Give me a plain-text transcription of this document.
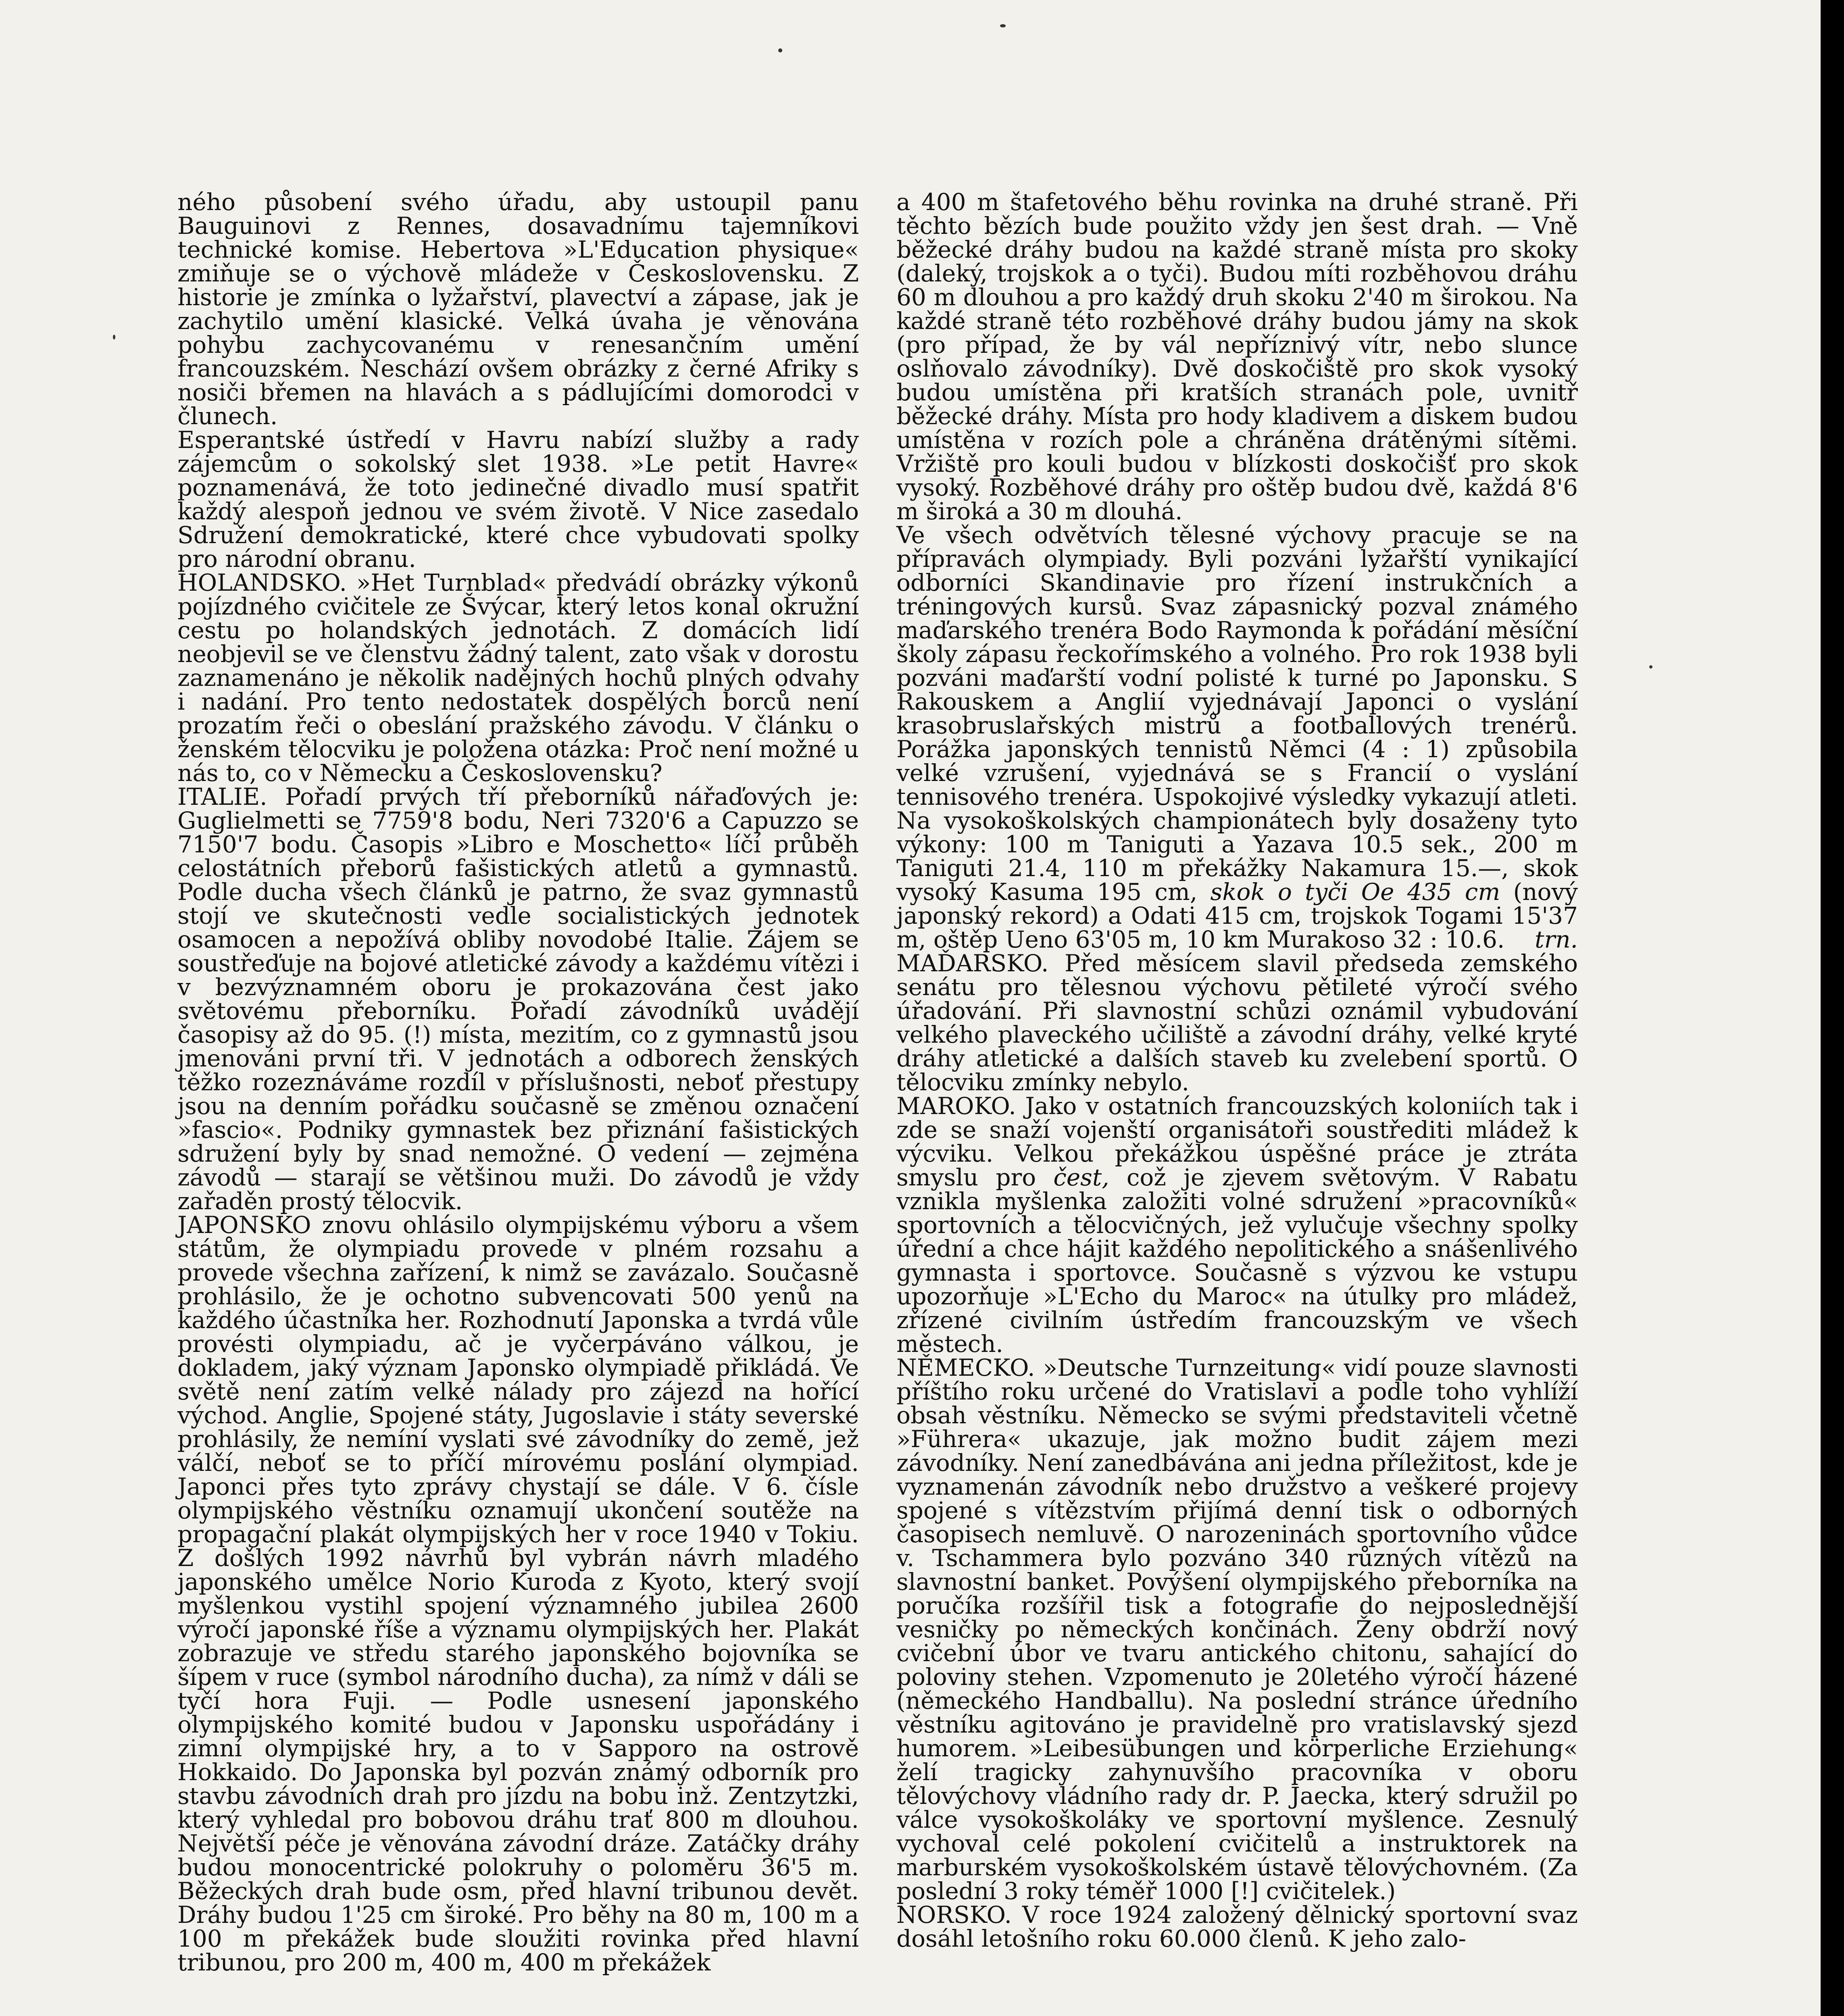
ného působení svého úřadu, aby ustoupil panu Bauguinovi z Rennes, dosavadnímu tajemníkovi technické komise. Hebertova »L'Education physique« zmiňuje se o výchově mládeže v Československu. Z historie je zmínka o lyžařství, plavectví a zápase, jak je zachytilo umění klasické. Velká úvaha je věnována pohybu zachycovanému v renesančním umění francouzském. Neschází ovšem obrázky z černé Afriky s nosiči břemen na hlavách a s pádlujícími domorodci v člunech.

Esperantské ústředí v Havru nabízí služby a rady zájemcům o sokolský slet 1938. »Le petit Havre« poznamenává, že toto jedinečné divadlo musí spatřit každý alespoň jednou ve svém životě. V Nice zasedalo Sdružení demokratické, které chce vybudovati spolky pro národní obranu.

HOLANDSKO. »Het Turnblad« předvádí obrázky výkonů pojízdného cvičitele ze Švýcar, který letos konal okružní cestu po holandských jednotách. Z domácích lidí neobjevil se ve členstvu žádný talent, zato však v dorostu zaznamenáno je několik nadějných hochů plných odvahy i nadání. Pro tento nedostatek dospělých borců není prozatím řeči o obeslání pražského závodu. V článku o ženském tělocviku je položena otázka: Proč není možné u nás to, co v Německu a Československu?

ITALIE. Pořadí prvých tří přeborníků nářaďových je: Guglielmetti se 7759'8 bodu, Neri 7320'6 a Capuzzo se 7150'7 bodu. Časopis »Libro e Moschetto« líčí průběh celostátních přeborů fašistických atletů a gymnastů. Podle ducha všech článků je patrno, že svaz gymnastů stojí ve skutečnosti vedle socialistických jednotek osamocen a nepožívá obliby novodobé Italie. Zájem se soustřeďuje na bojové atletické závody a každému vítězi i v bezvýznamném oboru je prokazována čest jako světovému přeborníku. Pořadí závodníků uvádějí časopisy až do 95. (!) místa, mezitím, co z gymnastů jsou jmenováni první tři. V jednotách a odborech ženských těžko rozeznáváme rozdíl v příslušnosti, neboť přestupy jsou na denním pořádku současně se změnou označení »fascio«. Podniky gymnastek bez přiznání fašistických sdružení byly by snad nemožné. O vedení — zejména závodů — starají se většinou muži. Do závodů je vždy zařaděn prostý tělocvik.

JAPONSKO znovu ohlásilo olympijskému výboru a všem státům, že olympiadu provede v plném rozsahu a provede všechna zařízení, k nimž se zavázalo. Současně prohlásilo, že je ochotno subvencovati 500 yenů na každého účastníka her. Rozhodnutí Japonska a tvrdá vůle provésti olympiadu, ač je vyčerpáváno válkou, je dokladem, jaký význam Japonsko olympiadě přikládá. Ve světě není zatím velké nálady pro zájezd na hořící východ. Anglie, Spojené státy, Jugoslavie i státy severské prohlásily, že nemíní vyslati své závodníky do země, jež válčí, neboť se to příčí mírovému poslání olympiad. Japonci přes tyto zprávy chystají se dále. V 6. čísle olympijského věstníku oznamují ukončení soutěže na propagační plakát olympijských her v roce 1940 v Tokiu. Z došlých 1992 návrhů byl vybrán návrh mladého japonského umělce Norio Kuroda z Kyoto, který svojí myšlenkou vystihl spojení významného jubilea 2600 výročí japonské říše a významu olympijských her. Plakát zobrazuje ve středu starého japonského bojovníka se šípem v ruce (symbol národního ducha), za nímž v dáli se tyčí hora Fuji. — Podle usnesení japonského olympijského komité budou v Japonsku uspořádány i zimní olympijské hry, a to v Sapporo na ostrově Hokkaido. Do Japonska byl pozván známý odborník pro stavbu závodních drah pro jízdu na bobu inž. Zentzytzki, který vyhledal pro bobovou dráhu trať 800 m dlouhou. Největší péče je věnována závodní dráze. Zatáčky dráhy budou monocentrické polokruhy o poloměru 36'5 m. Běžeckých drah bude osm, před hlavní tribunou devět. Dráhy budou 1'25 cm široké. Pro běhy na 80 m, 100 m a 100 m překážek bude sloužiti rovinka před hlavní tribunou, pro 200 m, 400 m, 400 m překážek

a 400 m štafetového běhu rovinka na druhé straně. Při těchto bězích bude použito vždy jen šest drah. — Vně běžecké dráhy budou na každé straně místa pro skoky (daleký, trojskok a o tyči). Budou míti rozběhovou dráhu 60 m dlouhou a pro každý druh skoku 2'40 m širokou. Na každé straně této rozběhové dráhy budou jámy na skok (pro případ, že by vál nepříznivý vítr, nebo slunce oslňovalo závodníky). Dvě doskočiště pro skok vysoký budou umístěna při kratších stranách pole, uvnitř běžecké dráhy. Místa pro hody kladivem a diskem budou umístěna v rozích pole a chráněna drátěnými sítěmi. Vržiště pro kouli budou v blízkosti doskočišť pro skok vysoký. Rozběhové dráhy pro oštěp budou dvě, každá 8'6 m široká a 30 m dlouhá.

Ve všech odvětvích tělesné výchovy pracuje se na přípravách olympiady. Byli pozváni lyžařští vynikající odborníci Skandinavie pro řízení instrukčních a tréningových kursů. Svaz zápasnický pozval známého maďarského trenéra Bodo Raymonda k pořádání měsíční školy zápasu řeckořímského a volného. Pro rok 1938 byli pozváni maďarští vodní polisté k turné po Japonsku. S Rakouskem a Anglií vyjednávají Japonci o vyslání krasobruslařských mistrů a footballových trenérů. Porážka japonských tennistů Němci (4 : 1) způsobila velké vzrušení, vyjednává se s Francií o vyslání tennisového trenéra. Uspokojivé výsledky vykazují atleti. Na vysokoškolských championátech byly dosaženy tyto výkony: 100 m Taniguti a Yazava 10.5 sek., 200 m Taniguti 21.4, 110 m překážky Nakamura 15.—, skok vysoký Kasuma 195 cm, skok o tyči Oe 435 cm (nový japonský rekord) a Odati 415 cm, trojskok Togami 15'37 m, oštěp Ueno 63'05 m, 10 km Murakoso 32 : 10.6. trn.

MAĎARSKO. Před měsícem slavil předseda zemského senátu pro tělesnou výchovu pětileté výročí svého úřadování. Při slavnostní schůzi oznámil vybudování velkého plaveckého učiliště a závodní dráhy, velké kryté dráhy atletické a dalších staveb ku zvelebení sportů. O tělocviku zmínky nebylo.

MAROKO. Jako v ostatních francouzských koloniích tak i zde se snaží vojenští organisátoři soustřediti mládež k výcviku. Velkou překážkou úspěšné práce je ztráta smyslu pro čest, což je zjevem světovým. V Rabatu vznikla myšlenka založiti volné sdružení »pracovníků« sportovních a tělocvičných, jež vylučuje všechny spolky úřední a chce hájit každého nepolitického a snášenlivého gymnasta i sportovce. Současně s výzvou ke vstupu upozorňuje »L'Echo du Maroc« na útulky pro mládež, zřízené civilním ústředím francouzským ve všech městech.

NĚMECKO. »Deutsche Turnzeitung« vidí pouze slavnosti příštího roku určené do Vratislavi a podle toho vyhlíží obsah věstníku. Německo se svými představiteli včetně »Führera« ukazuje, jak možno budit zájem mezi závodníky. Není zanedbávána ani jedna příležitost, kde je vyznamenán závodník nebo družstvo a veškeré projevy spojené s vítězstvím přijímá denní tisk o odborných časopisech nemluvě. O narozeninách sportovního vůdce v. Tschammera bylo pozváno 340 různých vítězů na slavnostní banket. Povýšení olympijského přeborníka na poručíka rozšířil tisk a fotografie do nejposlednější vesničky po německých končinách. Ženy obdrží nový cvičební úbor ve tvaru antického chitonu, sahající do poloviny stehen. Vzpomenuto je 20letého výročí házené (německého Handballu). Na poslední stránce úředního věstníku agitováno je pravidelně pro vratislavský sjezd humorem. »Leibesübungen und körperliche Erziehung« želí tragicky zahynuvšího pracovníka v oboru tělovýchovy vládního rady dr. P. Jaecka, který sdružil po válce vysokoškoláky ve sportovní myšlence. Zesnulý vychoval celé pokolení cvičitelů a instruktorek na marburském vysokoškolském ústavě tělovýchovném. (Za poslední 3 roky téměř 1000 [!] cvičitelek.)

NORSKO. V roce 1924 založený dělnický sportovní svaz dosáhl letošního roku 60.000 členů. K jeho zalo-
